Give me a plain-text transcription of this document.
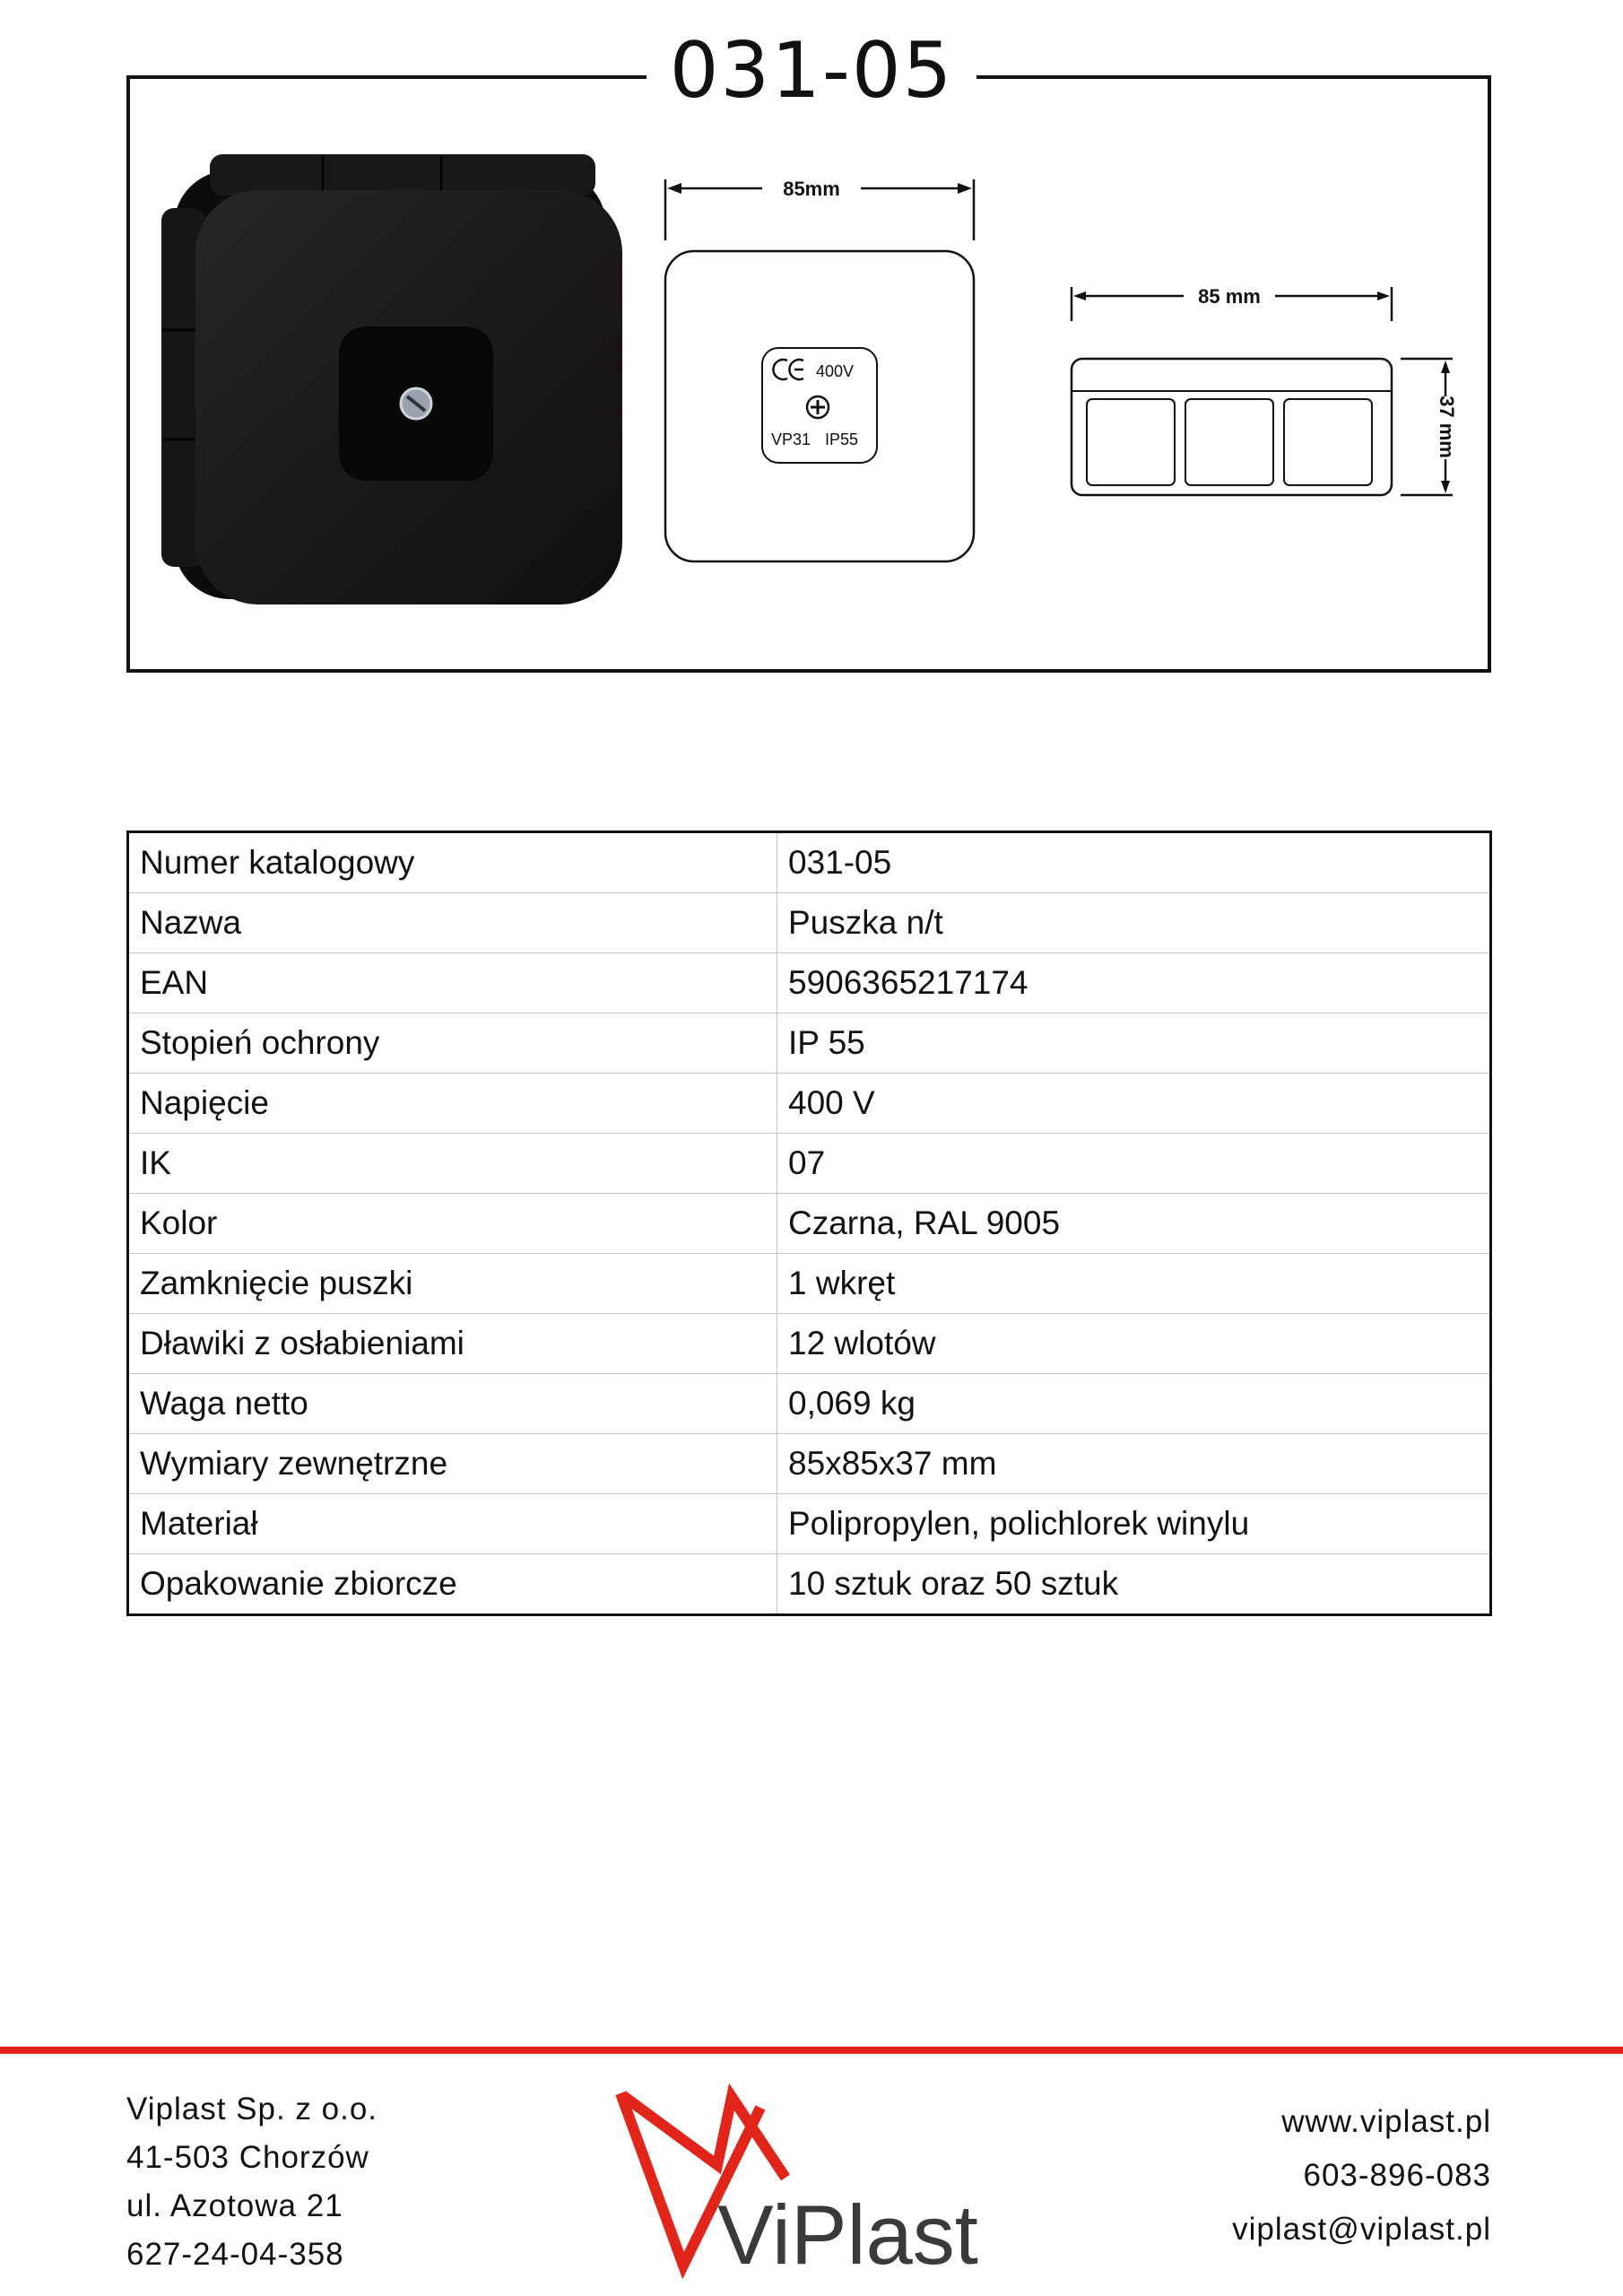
031-05
85mm
85 mm
37 mm
400V
VP31 IP55
Numer katalogowy	031-05
Nazwa	Puszka n/t
EAN	5906365217174
Stopień ochrony	IP 55
Napięcie	400 V
IK	07
Kolor	Czarna, RAL 9005
Zamknięcie puszki	1 wkręt
Dławiki z osłabieniami	12 wlotów
Waga netto	0,069 kg
Wymiary zewnętrzne	85x85x37 mm
Materiał	Polipropylen, polichlorek winylu
Opakowanie zbiorcze	10 sztuk oraz 50 sztuk
Viplast Sp. z o.o.
41-503 Chorzów
ul. Azotowa 21
627-24-04-358	ViPlast
www.viplast.pl
603-896-083
viplast@viplast.pl
